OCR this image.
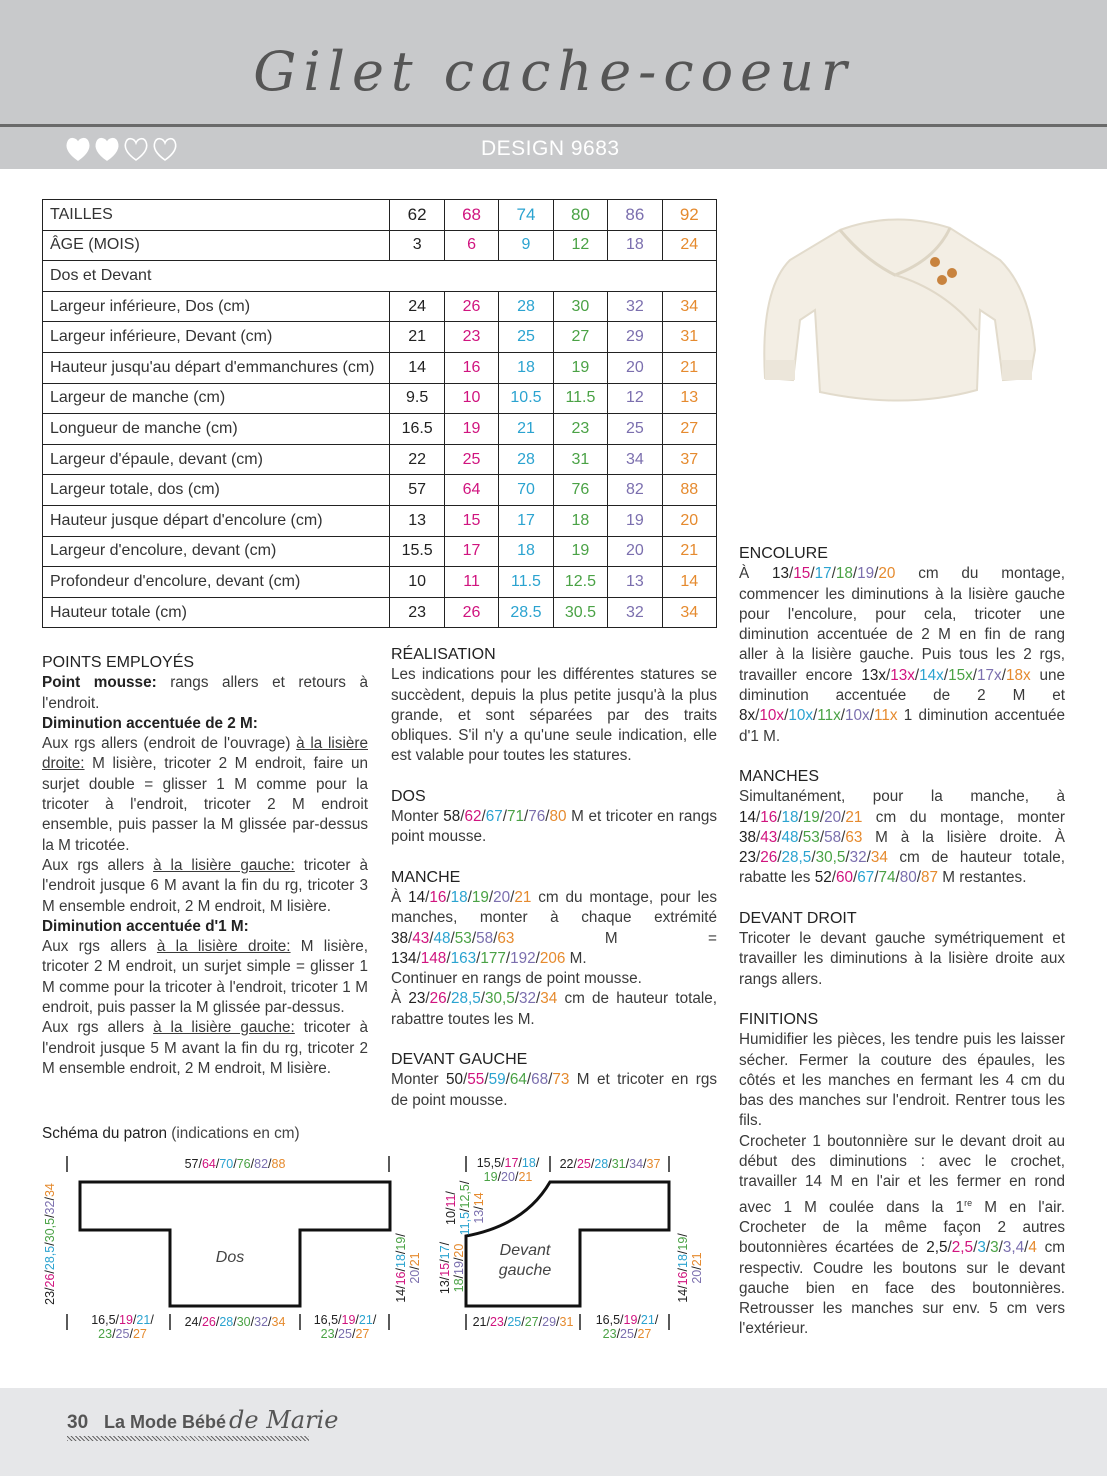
Gilet cache-coeur
DESIGN 9683
TAILLES	62	68	74	80	86	92
ÂGE (MOIS)	3	6	9	12	18	24
Dos et Devant						
Largeur inférieure, Dos (cm)	24	26	28	30	32	34
Largeur inférieure, Devant (cm)	21	23	25	27	29	31
Hauteur jusqu'au départ d'emmanchures (cm)	14	16	18	19	20	21
Largeur de manche (cm)	9.5	10	10.5	11.5	12	13
Longueur de manche (cm)	16.5	19	21	23	25	27
Largeur d'épaule, devant (cm)	22	25	28	31	34	37
Largeur totale, dos (cm)	57	64	70	76	82	88
Hauteur jusque départ d'encolure (cm)	13	15	17	18	19	20
Largeur d'encolure, devant (cm)	15.5	17	18	19	20	21
Profondeur d'encolure, devant (cm)	10	11	11.5	12.5	13	14
Hauteur totale (cm)	23	26	28.5	30.5	32	34
POINTS EMPLOYÉS

Point mousse: rangs allers et retours à l'endroit.

Diminution accentuée de 2 M:

Aux rgs allers (endroit de l'ouvrage) à la lisière droite: M lisière, tricoter 2 M endroit, faire un surjet double = glisser 1 M comme pour la tricoter à l'endroit, tricoter 2 M endroit ensemble, puis passer la M glissée par-dessus la M tricotée.

Aux rgs allers à la lisière gauche: tricoter à l'endroit jusque 6 M avant la fin du rg, tricoter 3 M ensemble endroit, 2 M endroit, M lisière.

Diminution accentuée d'1 M:

Aux rgs allers à la lisière droite: M lisière, tricoter 2 M endroit, un surjet simple = glisser 1 M comme pour la tricoter à l'endroit, tricoter 1 M endroit, puis passer la M glissée par-dessus.

Aux rgs allers à la lisière gauche: tricoter à l'endroit jusque 5 M avant la fin du rg, tricoter 2 M ensemble endroit, 2 M endroit, M lisière.

RÉALISATION

Les indications pour les différentes statures se succèdent, depuis la plus petite jusqu'à la plus grande, et sont séparées par des traits obliques. S'il n'y a qu'une seule indication, elle est valable pour toutes les statures.

DOS

Monter 58/62/67/71/76/80 M et tricoter en rangs point mousse.

MANCHE

À 14/16/18/19/20/21 cm du montage, pour les manches, monter à chaque extrémité 38/43/48/53/58/63 M = 134/148/163/177/192/206 M.

Continuer en rangs de point mousse.

À 23/26/28,5/30,5/32/34 cm de hauteur totale, rabattre toutes les M.

DEVANT GAUCHE

Monter 50/55/59/64/68/73 M et tricoter en rgs de point mousse.

ENCOLURE

À 13/15/17/18/19/20 cm du montage, commencer les diminutions à la lisière gauche pour l'encolure, pour cela, tricoter une diminution accentuée de 2 M en fin de rang aller à la lisière gauche. Puis tous les 2 rgs, travailler encore 13x/13x/14x/15x/17x/18x une diminution accentuée de 2 M et 8x/10x/10x/11x/10x/11x 1 diminution accentuée d'1 M.

MANCHES

Simultanément, pour la manche, à 14/16/18/19/20/21 cm du montage, monter 38/43/48/53/58/63 M à la lisière droite. À 23/26/28,5/30,5/32/34 cm de hauteur totale, rabatte les 52/60/67/74/80/87 M restantes.

DEVANT DROIT

Tricoter le devant gauche symétriquement et travailler les diminutions à la lisière droite aux rangs allers.

FINITIONS

Humidifier les pièces, les tendre puis les laisser sécher. Fermer la couture des épaules, les côtés et les manches en fermant les 4 cm du bas des manches sur l'endroit. Rentrer tous les fils.

Crocheter 1 boutonnière sur le devant droit au début des diminutions : avec le crochet, travailler 14 M en l'air et les fermer en rond avec 1 M coulée dans la 1re M en l'air. Crocheter de la même façon 2 autres boutonnières écartées de 2,5/2,5/3/3/3,4/4 cm respectiv. Coudre les boutons sur le devant gauche bien en face des boutonnières. Retrousser les manches sur env. 5 cm vers l'extérieur.

Schéma du patron (indications en cm)
Dos	Devant
gauche
57/64/70/76/82/88
23/26/28,5/30,5/32/34
16,5/19/21/
23/25/27
24/26/28/30/32/34	16,5/19/21/
23/25/27
14/16/18/19/
20/21
15,5/17/18/
19/20/21
22/25/28/31/34/37
10/11/
11,5/12,5/
13/14
13/15/17/
18/19/20
14/16/18/19/
20/21
21/23/25/27/29/31	16,5/19/21/
23/25/27
30 La Mode Bébé de Marie
